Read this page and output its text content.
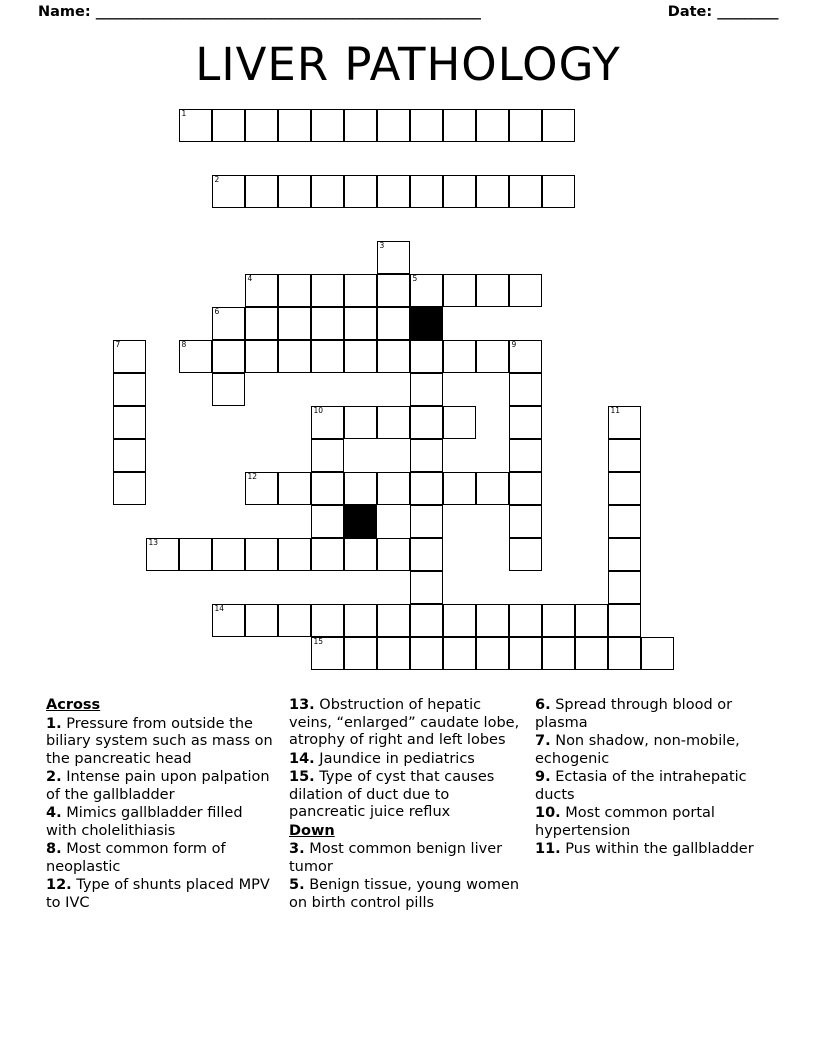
Name: _________________________________________________________	Date: _________
LIVER PATHOLOGY
1
2
3
4	5
6
7	8	9
10	11
12
13
14
15
Across
1. Pressure from outside the biliary system such as mass on the pancreatic head
2. Intense pain upon palpation of the gallbladder
4. Mimics gallbladder filled with cholelithiasis
8. Most common form of neoplastic
12. Type of shunts placed MPV to IVC
13. Obstruction of hepatic veins, “enlarged” caudate lobe, atrophy of right and left lobes
14. Jaundice in pediatrics
15. Type of cyst that causes dilation of duct due to pancreatic juice reflux
Down
3. Most common benign liver tumor
5. Benign tissue, young women on birth control pills
6. Spread through blood or plasma
7. Non shadow, non-mobile, echogenic
9. Ectasia of the intrahepatic ducts
10. Most common portal hypertension
11. Pus within the gallbladder
